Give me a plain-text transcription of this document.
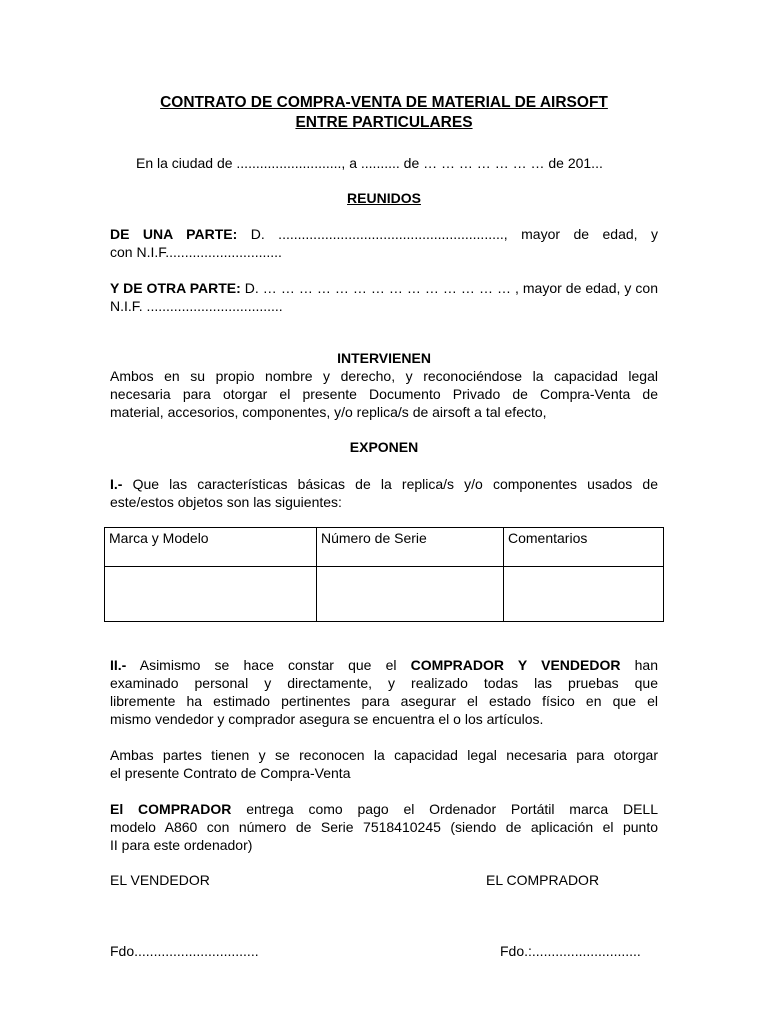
CONTRATO DE COMPRA-VENTA DE MATERIAL DE AIRSOFT
ENTRE PARTICULARES
En la ciudad de ..........................., a .......... de … … … … … … … de 201...
REUNIDOS
DE UNA PARTE: D. .........................................................., mayor de edad, y
con N.I.F..............................
Y DE OTRA PARTE: D. … … … … … … … … … … … … … … , mayor de edad, y con
N.I.F. ...................................
INTERVIENEN
Ambos en su propio nombre y derecho, y reconociéndose la capacidad legal
necesaria para otorgar el presente Documento Privado de Compra-Venta de
material, accesorios, componentes, y/o replica/s de airsoft a tal efecto,
EXPONEN
I.- Que las características básicas de la replica/s y/o componentes usados de
este/estos objetos son las siguientes:
Marca y Modelo	Número de Serie	Comentarios

II.- Asimismo se hace constar que el COMPRADOR Y VENDEDOR han
examinado personal y directamente, y realizado todas las pruebas que
libremente ha estimado pertinentes para asegurar el estado físico en que el
mismo vendedor y comprador asegura se encuentra el o los artículos.
Ambas partes tienen y se reconocen la capacidad legal necesaria para otorgar
el presente Contrato de Compra-Venta
El COMPRADOR entrega como pago el Ordenador Portátil marca DELL
modelo A860 con número de Serie 7518410245 (siendo de aplicación el punto
II para este ordenador)
EL VENDEDOR	EL COMPRADOR
Fdo................................	Fdo.:............................
